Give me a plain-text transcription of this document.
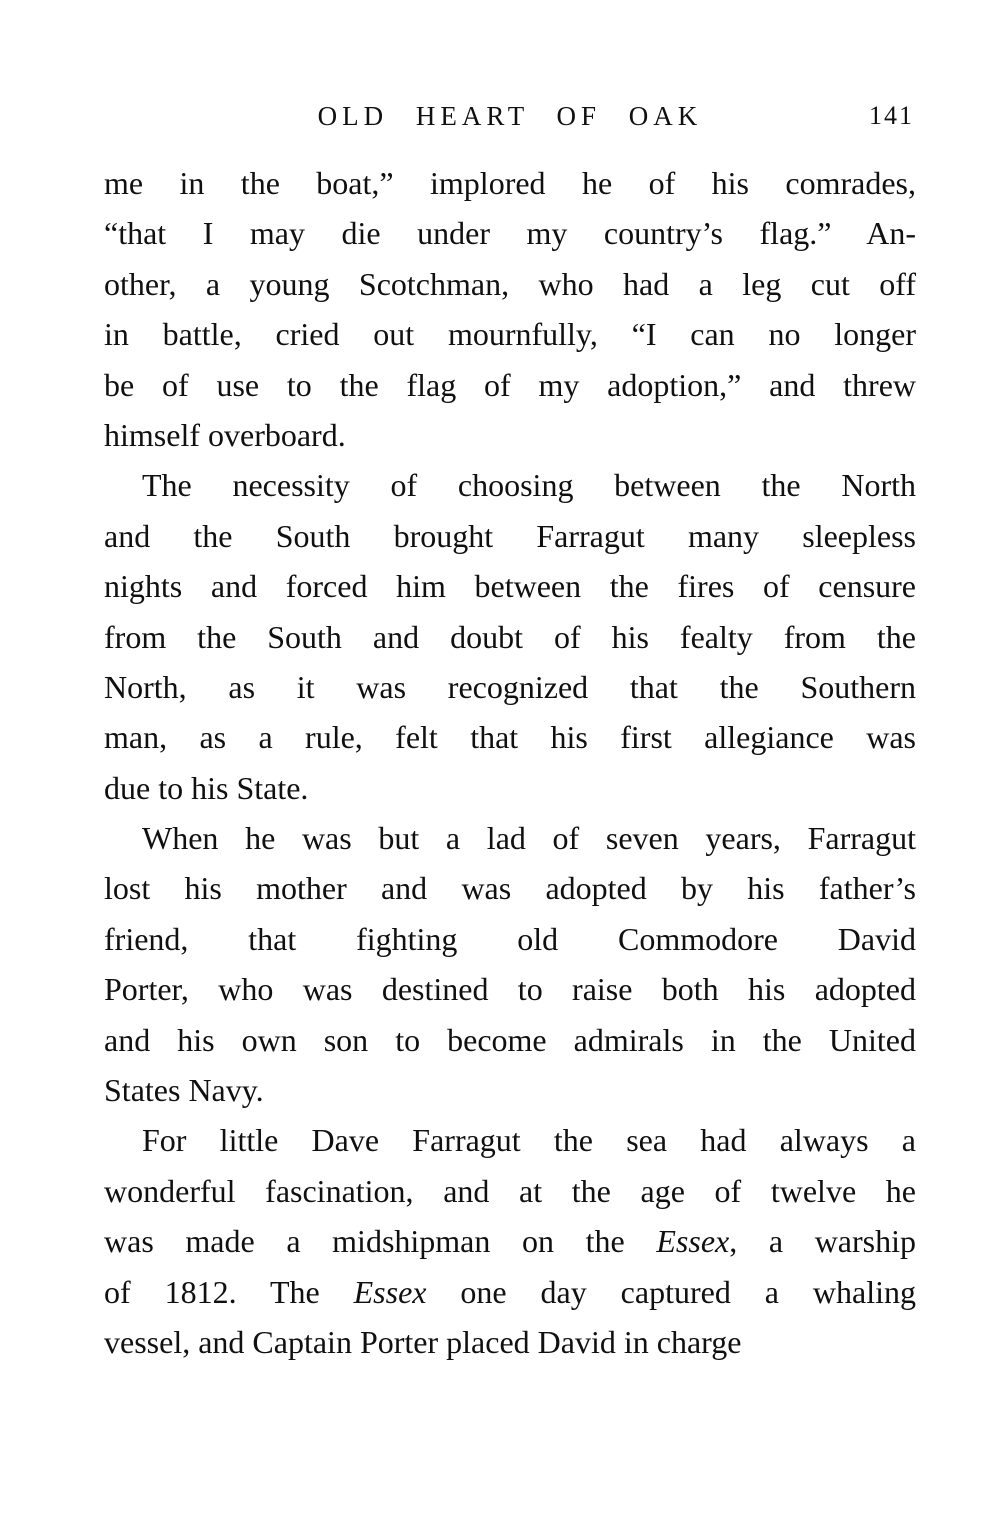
OLD HEART OF OAK	141
me in the boat,” implored he of his comrades,
“that I may die under my country’s flag.” An-
other, a young Scotchman, who had a leg cut off
in battle, cried out mournfully, “I can no longer
be of use to the flag of my adoption,” and threw
himself overboard.
The necessity of choosing between the North
and the South brought Farragut many sleepless
nights and forced him between the fires of censure
from the South and doubt of his fealty from the
North, as it was recognized that the Southern
man, as a rule, felt that his first allegiance was
due to his State.
When he was but a lad of seven years, Farragut
lost his mother and was adopted by his father’s
friend, that fighting old Commodore David
Porter, who was destined to raise both his adopted
and his own son to become admirals in the United
States Navy.
For little Dave Farragut the sea had always a
wonderful fascination, and at the age of twelve he
was made a midshipman on the Essex, a warship
of 1812. The Essex one day captured a whaling
vessel, and Captain Porter placed David in charge
